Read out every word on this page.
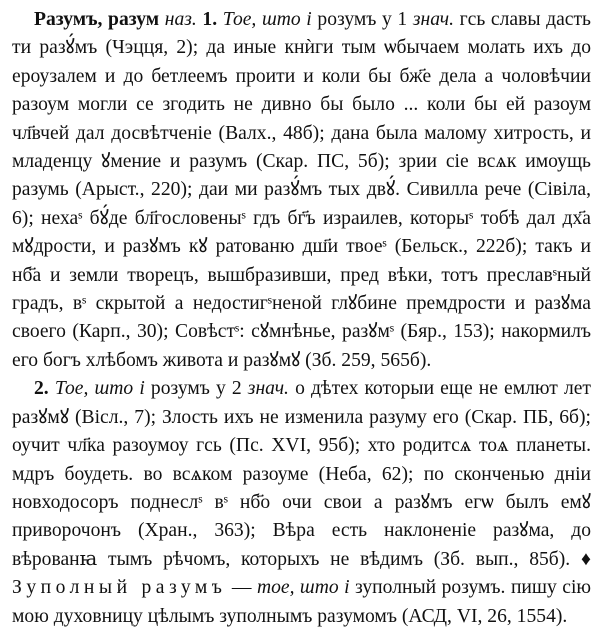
Разумъ, разум наз. 1. Тое, што і розумъ у 1 знач. гсь славы дасть ти разꙋ́мъ (Чэцця, 2); да иные кнѝги тым ѡбычаем молать ихъ до ероузалем и до бетлеемъ проити и коли бы бж҃е дела а чоловѣчии разоум могли се згодить не дивно бы было ... коли бы ей разоум чл҃вчей дал досвѣтченіе (Валх., 48б); дана была малому хитрость, и младенцу ꙋмение и разумъ (Скар. ПС, 5б); зрии сіе всѧк имоущь разумь (Арыст., 220); даи ми разꙋ́мъ тых двꙋ́. Сивилла рече (Сівіла, 6); нехаˢ бꙋ́де бл҃гословеныˢ гдъ бг҃ъ израилев, которыˢ тобѣ дал дх҃а мꙋдрости, и разꙋмъ кꙋ ратованю дш҃и твоеˢ (Бельск., 222б); такъ и нб҃а и земли творецъ, вышбразивши, пред вѣки, тотъ преславˢный градъ, вˢ скрытой а недостигˢненой глꙋбине премдрости и разꙋма своего (Карп., 30); Совѣстˢ: сꙋмнѣнье, разꙋмˢ (Бяр., 153); накормилъ его богъ хлѣбомъ живота и разꙋмꙋ (Зб. 259, 565б).

2. Тое, што і розумъ у 2 знач. о дѣтех которыи еще не емлют лет разꙋмꙋ (Вісл., 7); Злость ихъ не изменила разуму его (Скар. ПБ, 6б); оучит чл҃ка разоумоу гсь (Пс. XVI, 95б); хто родитсѧ тоѧ планеты. мдръ боудеть. во всѧком разоуме (Неба, 62); по сконченью дніи новходосоръ поднеслˢ вˢ нб҃о очи свои а разꙋмъ егѡ былъ емꙋ приворочонъ (Хран., 363); Вѣра есть наклоненіе разꙋма, до вѣрованꙗ тымъ рѣчомъ, которыхъ не вѣдимъ (Зб. вып., 85б). ♦ Зуполный разумъ — тое, што і зуполный розумъ. пишу сію мою духовницу цѣлымъ зуполнымъ разумомъ (АСД, VI, 26, 1554).
